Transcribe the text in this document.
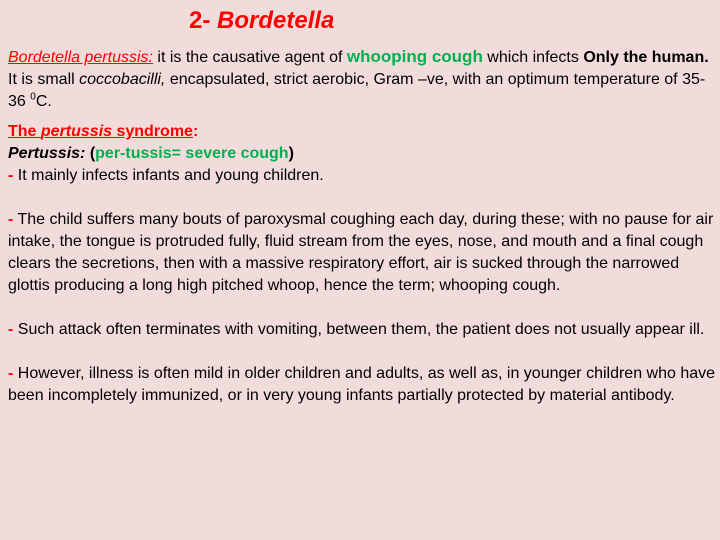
2- Bordetella

Bordetella pertussis: it is the causative agent of whooping cough which infects Only the human.

It is small coccobacilli, encapsulated, strict aerobic, Gram –ve, with an optimum temperature of 35-36 $^0$C.

The pertussis syndrome:

Pertussis: (per-tussis= severe cough)

- It mainly infects infants and young children.

- The child suffers many bouts of paroxysmal coughing each day, during these; with no pause for air intake, the tongue is protruded fully, fluid stream from the eyes, nose, and mouth and a final cough clears the secretions, then with a massive respiratory effort, air is sucked through the narrowed glottis producing a long high pitched whoop, hence the term; whooping cough.

- Such attack often terminates with vomiting, between them, the patient does not usually appear ill.

- However, illness is often mild in older children and adults, as well as, in younger children who have been incompletely immunized, or in very young infants partially protected by material antibody.
